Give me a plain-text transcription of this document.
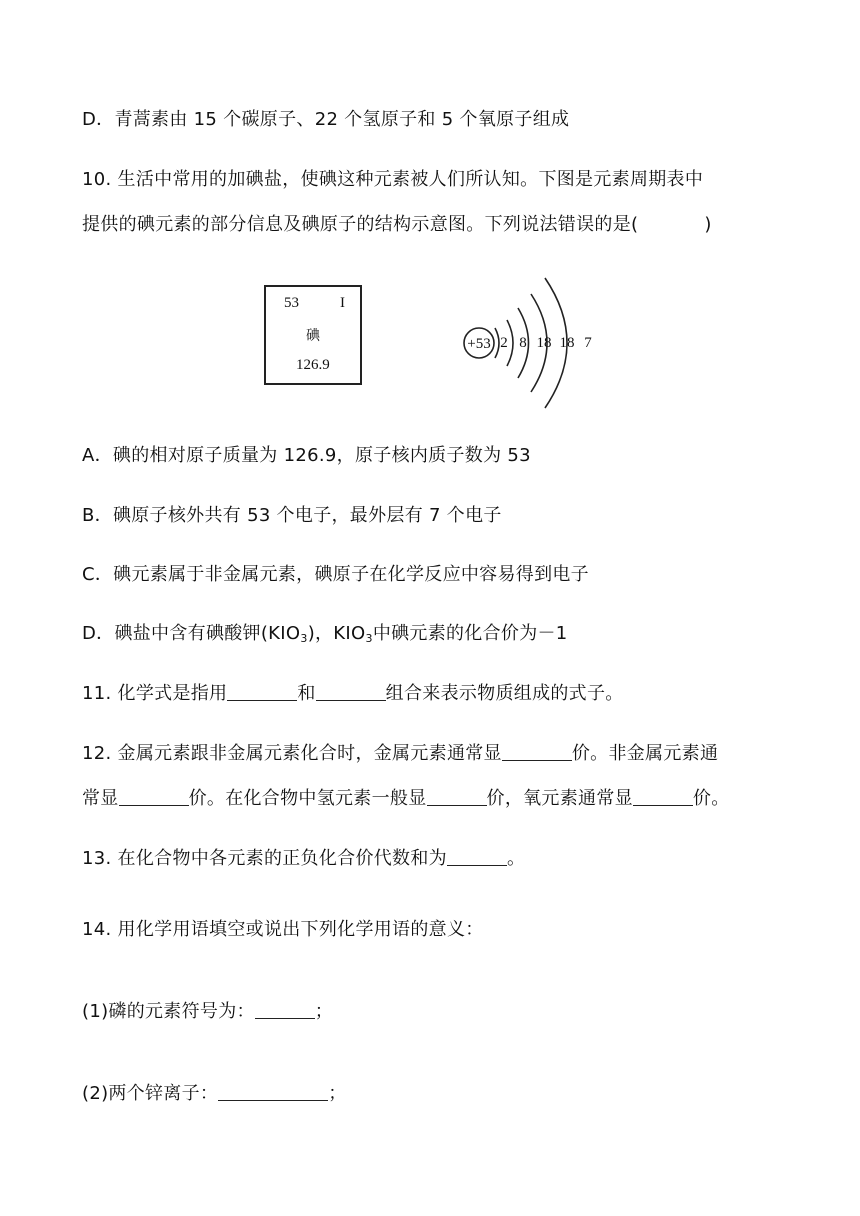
D．青蒿素由 15 个碳原子、22 个氢原子和 5 个氧原子组成
10. 生活中常用的加碘盐，使碘这种元素被人们所认知。下图是元素周期表中
提供的碘元素的部分信息及碘原子的结构示意图。下列说法错误的是(	)
53	I
碘
126.9
+53 2 8 18 18 7
A．碘的相对原子质量为 126.9，原子核内质子数为 53
B．碘原子核外共有 53 个电子，最外层有 7 个电子
C．碘元素属于非金属元素，碘原子在化学反应中容易得到电子
D．碘盐中含有碘酸钾$(KIO_3)$，$KIO_3$中碘元素的化合价为－1
11. 化学式是指用	和	组合来表示物质组成的式子。
12. 金属元素跟非金属元素化合时，金属元素通常显	价。非金属元素通
常显	价。在化合物中氢元素一般显	价，氧元素通常显	价。
13. 在化合物中各元素的正负化合价代数和为	。
14. 用化学用语填空或说出下列化学用语的意义：
(1)磷的元素符号为：	；
(2)两个锌离子：	；
